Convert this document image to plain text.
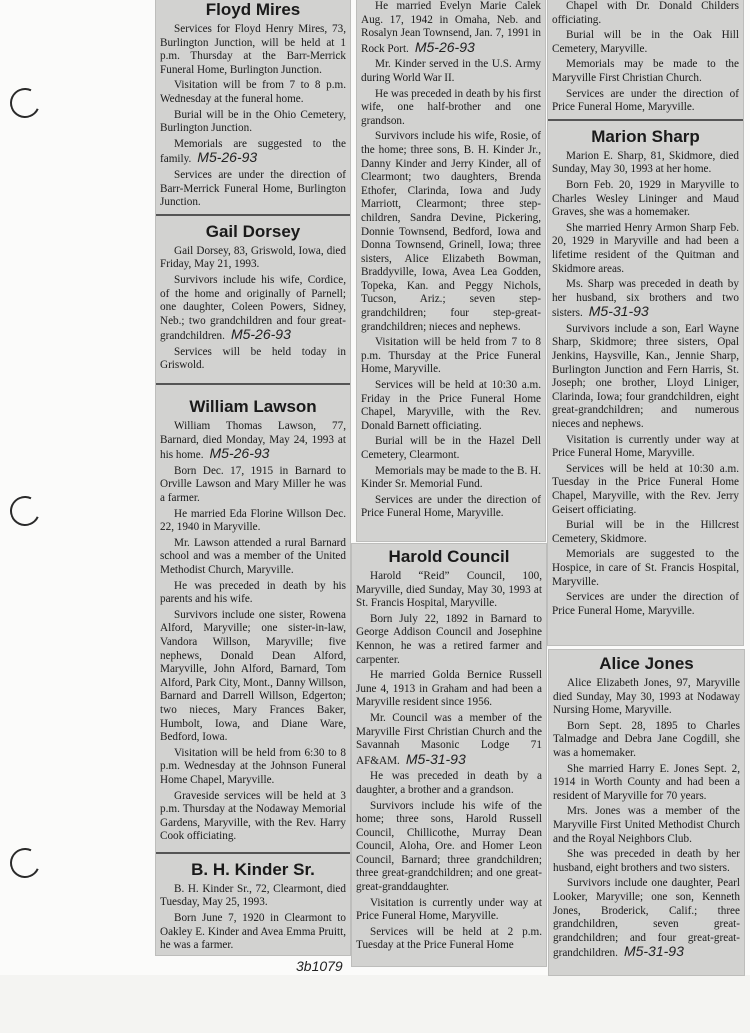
Floyd Mires

Services for Floyd Henry Mires, 73, Burlington Junction, will be held at 1 p.m. Thursday at the Barr-Merrick Funeral Home, Burlington Junction.

Visitation will be from 7 to 8 p.m. Wednesday at the funeral home.

Burial will be in the Ohio Cemetery, Burlington Junction.

Memorials are suggested to the family. M5-26-93

Services are under the direction of Barr-Merrick Funeral Home, Burlington Junction.

Gail Dorsey

Gail Dorsey, 83, Griswold, Iowa, died Friday, May 21, 1993.

Survivors include his wife, Cordice, of the home and originally of Parnell; one daughter, Coleen Powers, Sidney, Neb.; two grandchildren and four great-grandchildren. M5-26-93

Services will be held today in Griswold.

William Lawson

William Thomas Lawson, 77, Barnard, died Monday, May 24, 1993 at his home. M5-26-93

Born Dec. 17, 1915 in Barnard to Orville Lawson and Mary Miller he was a farmer.

He married Eda Florine Willson Dec. 22, 1940 in Maryville.

Mr. Lawson attended a rural Barnard school and was a member of the United Methodist Church, Maryville.

He was preceded in death by his parents and his wife.

Survivors include one sister, Rowena Alford, Maryville; one sister-in-law, Vandora Willson, Maryville; five nephews, Donald Dean Alford, Maryville, John Alford, Barnard, Tom Alford, Park City, Mont., Danny Willson, Barnard and Darrell Willson, Edgerton; two nieces, Mary Frances Baker, Humbolt, Iowa, and Diane Ware, Bedford, Iowa.

Visitation will be held from 6:30 to 8 p.m. Wednesday at the Johnson Funeral Home Chapel, Maryville.

Graveside services will be held at 3 p.m. Thursday at the Nodaway Memorial Gardens, Maryville, with the Rev. Harry Cook officiating.

B. H. Kinder Sr.

B. H. Kinder Sr., 72, Clearmont, died Tuesday, May 25, 1993.

Born June 7, 1920 in Clearmont to Oakley E. Kinder and Avea Emma Pruitt, he was a farmer.

He married Evelyn Marie Calek Aug. 17, 1942 in Omaha, Neb. and Rosalyn Jean Townsend, Jan. 7, 1991 in Rock Port. M5-26-93

Mr. Kinder served in the U.S. Army during World War II.

He was preceded in death by his first wife, one half-brother and one grandson.

Survivors include his wife, Rosie, of the home; three sons, B. H. Kinder Jr., Danny Kinder and Jerry Kinder, all of Clearmont; two daughters, Brenda Ethofer, Clarinda, Iowa and Judy Marriott, Clearmont; three step-children, Sandra Devine, Pickering, Donnie Townsend, Bedford, Iowa and Donna Townsend, Grinell, Iowa; three sisters, Alice Elizabeth Bowman, Braddyville, Iowa, Avea Lea Godden, Topeka, Kan. and Peggy Nichols, Tucson, Ariz.; seven step-grandchildren; four step-great-grandchildren; nieces and nephews.

Visitation will be held from 7 to 8 p.m. Thursday at the Price Funeral Home, Maryville.

Services will be held at 10:30 a.m. Friday in the Price Funeral Home Chapel, Maryville, with the Rev. Donald Barnett officiating.

Burial will be in the Hazel Dell Cemetery, Clearmont.

Memorials may be made to the B. H. Kinder Sr. Memorial Fund.

Services are under the direction of Price Funeral Home, Maryville.

Harold Council

Harold “Reid” Council, 100, Maryville, died Sunday, May 30, 1993 at St. Francis Hospital, Maryville.

Born July 22, 1892 in Barnard to George Addison Council and Josephine Kennon, he was a retired farmer and carpenter.

He married Golda Bernice Russell June 4, 1913 in Graham and had been a Maryville resident since 1956.

Mr. Council was a member of the Maryville First Christian Church and the Savannah Masonic Lodge 71 AF&AM. M5-31-93

He was preceded in death by a daughter, a brother and a grandson.

Survivors include his wife of the home; three sons, Harold Russell Council, Chillicothe, Murray Dean Council, Aloha, Ore. and Homer Leon Council, Barnard; three grandchildren; three great-grandchildren; and one great-great-granddaughter.

Visitation is currently under way at Price Funeral Home, Maryville.

Services will be held at 2 p.m. Tuesday at the Price Funeral Home

Chapel with Dr. Donald Childers officiating.

Burial will be in the Oak Hill Cemetery, Maryville.

Memorials may be made to the Maryville First Christian Church.

Services are under the direction of Price Funeral Home, Maryville.

Marion Sharp

Marion E. Sharp, 81, Skidmore, died Sunday, May 30, 1993 at her home.

Born Feb. 20, 1929 in Maryville to Charles Wesley Lininger and Maud Graves, she was a homemaker.

She married Henry Armon Sharp Feb. 20, 1929 in Maryville and had been a lifetime resident of the Quitman and Skidmore areas.

Ms. Sharp was preceded in death by her husband, six brothers and two sisters. M5-31-93

Survivors include a son, Earl Wayne Sharp, Skidmore; three sisters, Opal Jenkins, Haysville, Kan., Jennie Sharp, Burlington Junction and Fern Harris, St. Joseph; one brother, Lloyd Liniger, Clarinda, Iowa; four grandchildren, eight great-grandchildren; and numerous nieces and nephews.

Visitation is currently under way at Price Funeral Home, Maryville.

Services will be held at 10:30 a.m. Tuesday in the Price Funeral Home Chapel, Maryville, with the Rev. Jerry Geisert officiating.

Burial will be in the Hillcrest Cemetery, Skidmore.

Memorials are suggested to the Hospice, in care of St. Francis Hospital, Maryville.

Services are under the direction of Price Funeral Home, Maryville.

Alice Jones

Alice Elizabeth Jones, 97, Maryville died Sunday, May 30, 1993 at Nodaway Nursing Home, Maryville.

Born Sept. 28, 1895 to Charles Talmadge and Debra Jane Cogdill, she was a homemaker.

She married Harry E. Jones Sept. 2, 1914 in Worth County and had been a resident of Maryville for 70 years.

Mrs. Jones was a member of the Maryville First United Methodist Church and the Royal Neighbors Club.

She was preceded in death by her husband, eight brothers and two sisters.

Survivors include one daughter, Pearl Looker, Maryville; one son, Kenneth Jones, Broderick, Calif.; three grandchildren, seven great-grandchildren; and four great-great-grandchildren. M5-31-93

3b1079
